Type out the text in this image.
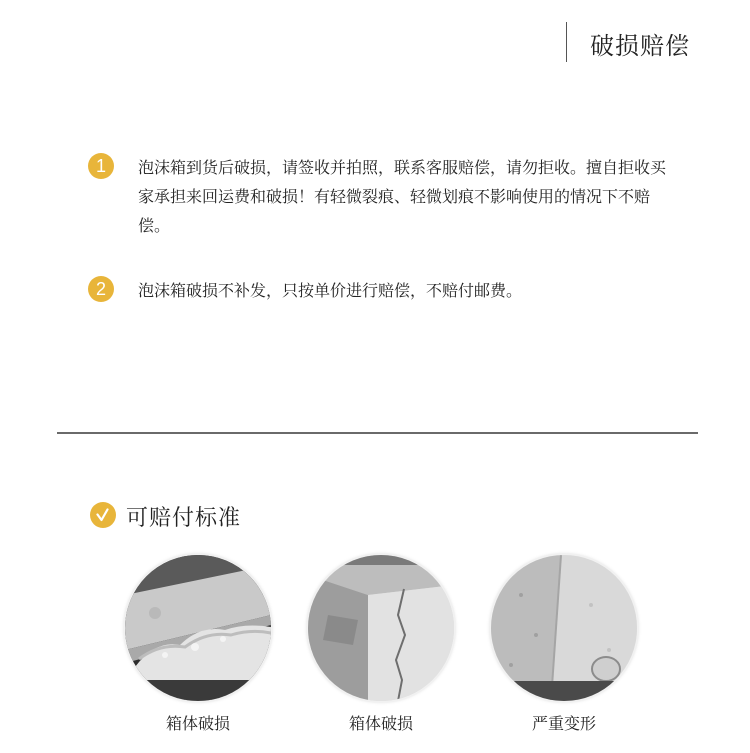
破损赔偿
1	泡沫箱到货后破损，请签收并拍照，联系客服赔偿，请勿拒收。擅自拒收买家承担来回运费和破损！有轻微裂痕、轻微划痕不影响使用的情况下不赔偿。
2	泡沫箱破损不补发，只按单价进行赔偿，不赔付邮费。
可赔付标准
箱体破损	箱体破损	严重变形
